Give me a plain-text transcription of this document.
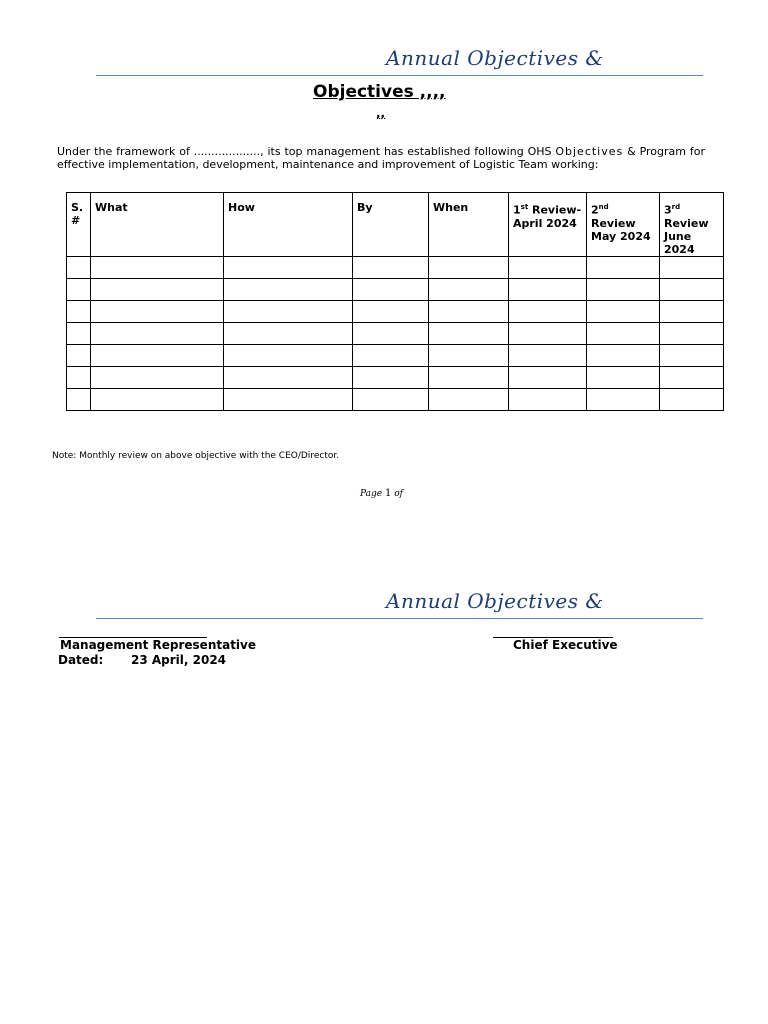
Annual Objectives &
Objectives ,,,,
,,
Under the framework of ..................., its top management has established following OHS Objectives & Program for effective implementation, development, maintenance and improvement of Logistic Team working:
S. #	What	How	By	When	1st Review- April 2024	2nd Review May 2024	3rd Review June 2024

Note: Monthly review on above objective with the CEO/Director.
Page 1 of
Annual Objectives &
Management Representative	Chief Executive
Dated: 23 April, 2024
